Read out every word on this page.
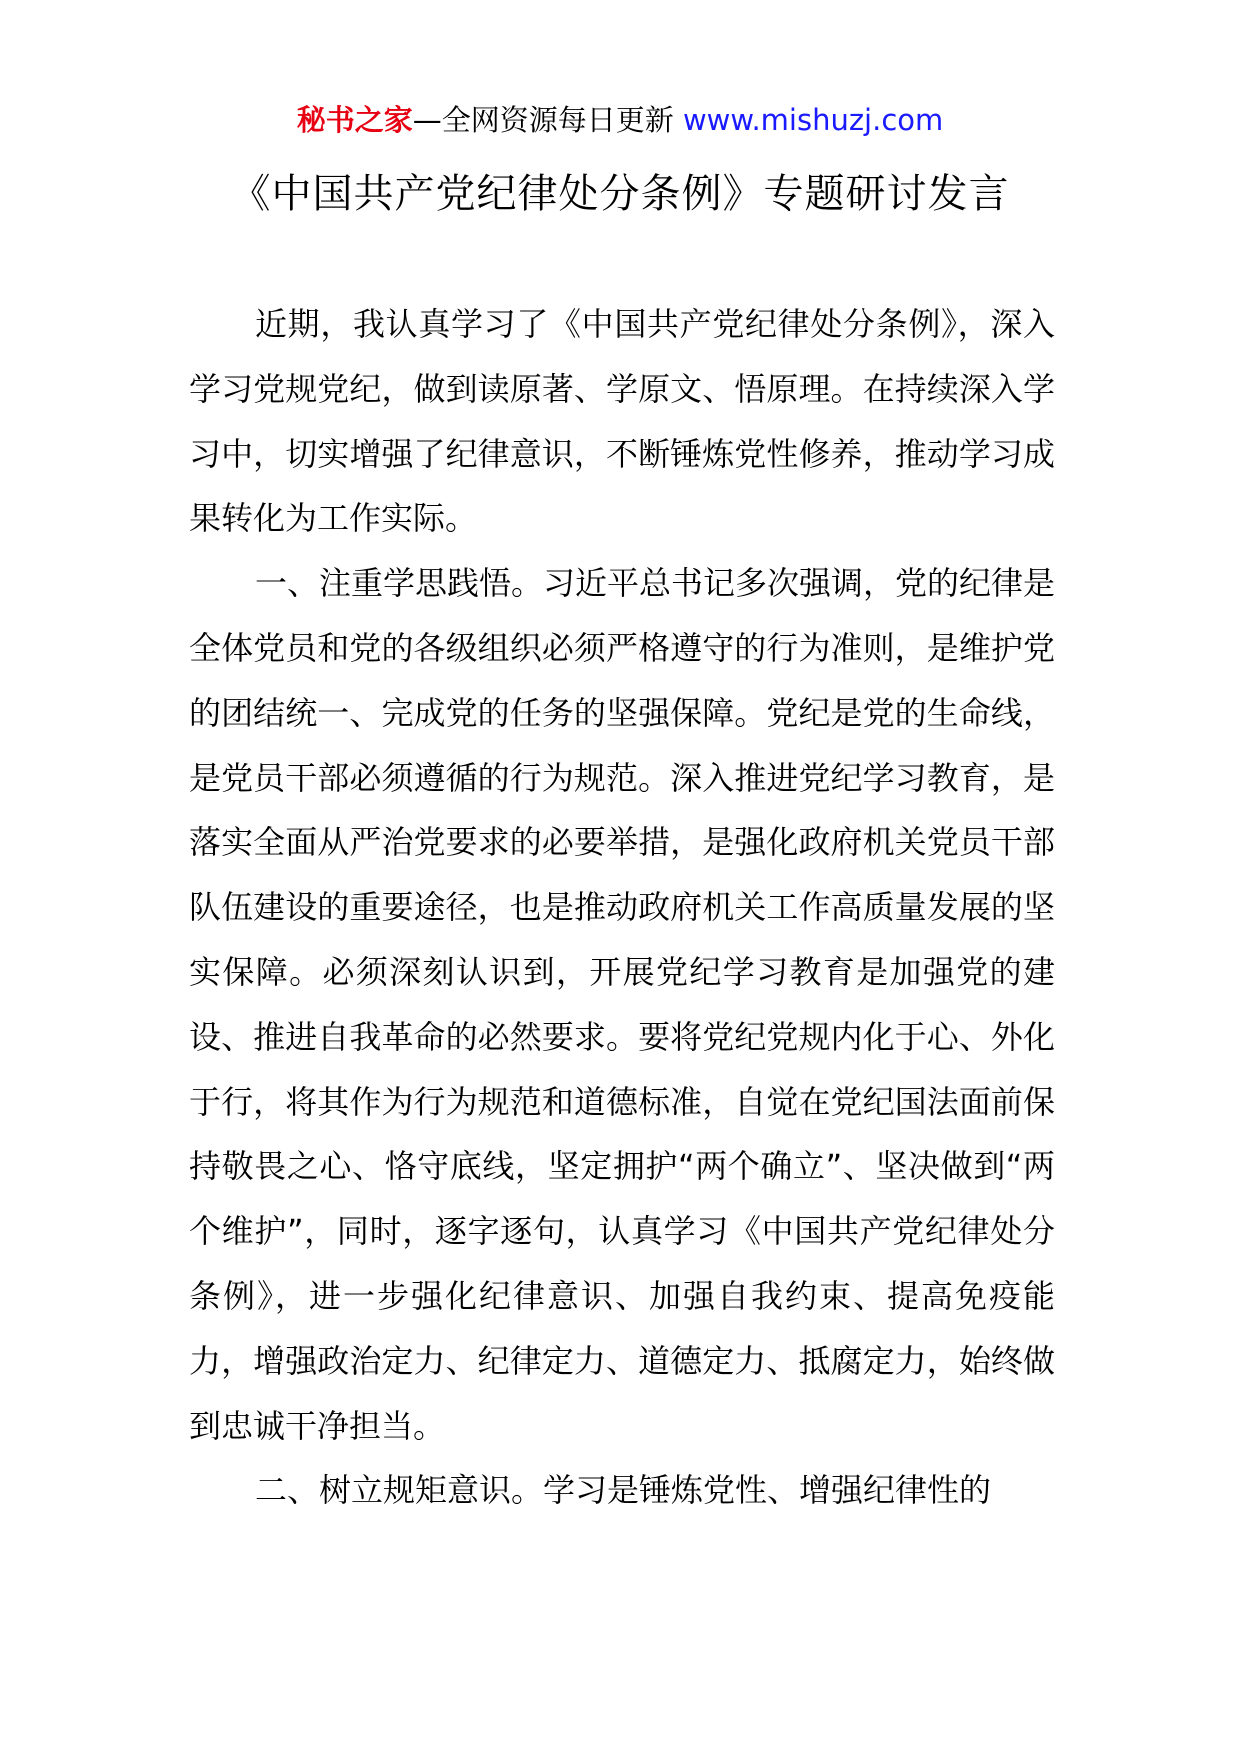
秘书之家—全网资源每日更新 www.mishuzj.com
《中国共产党纪律处分条例》专题研讨发言

近期，我认真学习了《中国共产党纪律处分条例》，深入学习党规党纪，做到读原著、学原文、悟原理。在持续深入学习中，切实增强了纪律意识，不断锤炼党性修养，推动学习成果转化为工作实际。

一、注重学思践悟。习近平总书记多次强调，党的纪律是全体党员和党的各级组织必须严格遵守的行为准则，是维护党的团结统一、完成党的任务的坚强保障。党纪是党的生命线，是党员干部必须遵循的行为规范。深入推进党纪学习教育，是落实全面从严治党要求的必要举措，是强化政府机关党员干部队伍建设的重要途径，也是推动政府机关工作高质量发展的坚实保障。必须深刻认识到，开展党纪学习教育是加强党的建设、推进自我革命的必然要求。要将党纪党规内化于心、外化于行，将其作为行为规范和道德标准，自觉在党纪国法面前保持敬畏之心、恪守底线，坚定拥护“两个确立”、坚决做到“两个维护”，同时，逐字逐句，认真学习《中国共产党纪律处分条例》，进一步强化纪律意识、加强自我约束、提高免疫能力，增强政治定力、纪律定力、道德定力、抵腐定力，始终做到忠诚干净担当。

二、树立规矩意识。学习是锤炼党性、增强纪律性的
